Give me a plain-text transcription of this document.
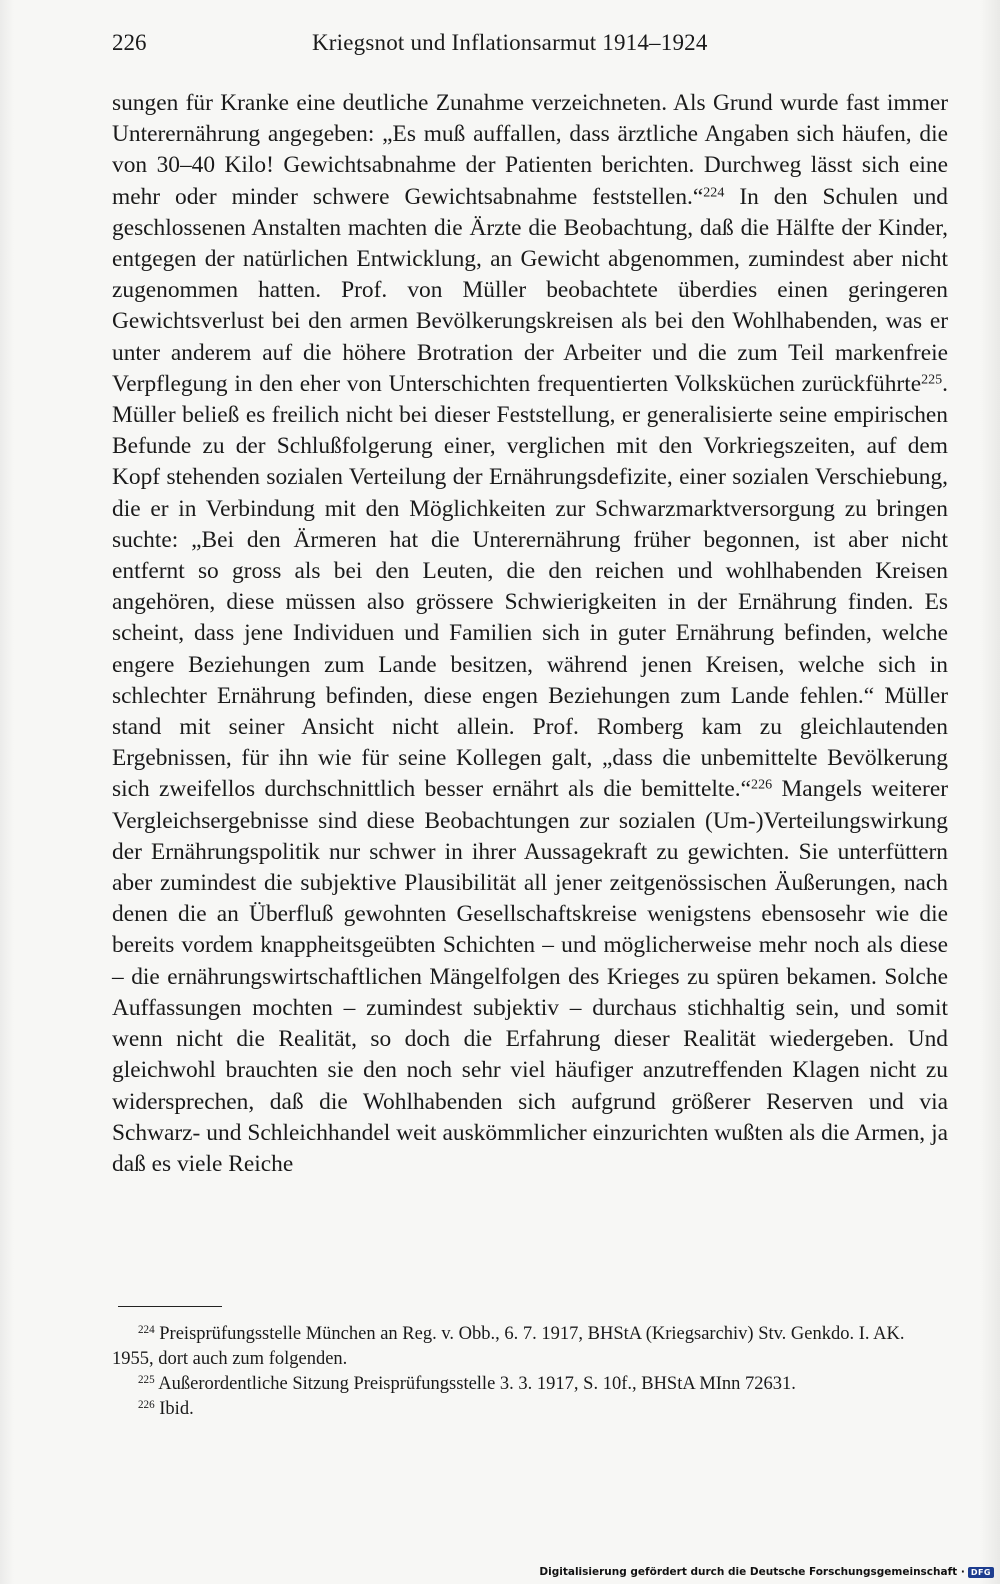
226	Kriegsnot und Inflationsarmut 1914–1924

sungen für Kranke eine deutliche Zunahme verzeichneten. Als Grund wurde fast immer Unterernährung angegeben: „Es muß auffallen, dass ärztliche Angaben sich häufen, die von 30–40 Kilo! Gewichtsabnahme der Patienten berichten. Durchweg lässt sich eine mehr oder minder schwere Gewichtsabnahme feststellen.“$^{224}$ In den Schulen und geschlossenen Anstalten machten die Ärzte die Beobachtung, daß die Hälfte der Kinder, entgegen der natürlichen Entwicklung, an Gewicht abgenommen, zumindest aber nicht zugenommen hatten. Prof. von Müller beobachtete überdies einen geringeren Gewichtsverlust bei den armen Bevölkerungskreisen als bei den Wohlhabenden, was er unter anderem auf die höhere Brotration der Arbeiter und die zum Teil markenfreie Verpflegung in den eher von Unterschichten frequentierten Volksküchen zurückführte$^{225}$. Müller beließ es freilich nicht bei dieser Feststellung, er generalisierte seine empirischen Befunde zu der Schlußfolgerung einer, verglichen mit den Vorkriegszeiten, auf dem Kopf stehenden sozialen Verteilung der Ernährungsdefizite, einer sozialen Verschiebung, die er in Verbindung mit den Möglichkeiten zur Schwarzmarktversorgung zu bringen suchte: „Bei den Ärmeren hat die Unterernährung früher begonnen, ist aber nicht entfernt so gross als bei den Leuten, die den reichen und wohlhabenden Kreisen angehören, diese müssen also grössere Schwierigkeiten in der Ernährung finden. Es scheint, dass jene Individuen und Familien sich in guter Ernährung befinden, welche engere Beziehungen zum Lande besitzen, während jenen Kreisen, welche sich in schlechter Ernährung befinden, diese engen Beziehungen zum Lande fehlen.“ Müller stand mit seiner Ansicht nicht allein. Prof. Romberg kam zu gleichlautenden Ergebnissen, für ihn wie für seine Kollegen galt, „dass die unbemittelte Bevölkerung sich zweifellos durchschnittlich besser ernährt als die bemittelte.“$^{226}$ Mangels weiterer Vergleichsergebnisse sind diese Beobachtungen zur sozialen (Um-)Verteilungswirkung der Ernährungspolitik nur schwer in ihrer Aussagekraft zu gewichten. Sie unterfüttern aber zumindest die subjektive Plausibilität all jener zeitgenössischen Äußerungen, nach denen die an Überfluß gewohnten Gesellschaftskreise wenigstens ebensosehr wie die bereits vordem knappheitsgeübten Schichten – und möglicherweise mehr noch als diese – die ernährungswirtschaftlichen Mängelfolgen des Krieges zu spüren bekamen. Solche Auffassungen mochten – zumindest subjektiv – durchaus stichhaltig sein, und somit wenn nicht die Realität, so doch die Erfahrung dieser Realität wiedergeben. Und gleichwohl brauchten sie den noch sehr viel häufiger anzutreffenden Klagen nicht zu widersprechen, daß die Wohlhabenden sich aufgrund größerer Reserven und via Schwarz- und Schleichhandel weit auskömmlicher einzurichten wußten als die Armen, ja daß es viele Reiche

$^{224}$ Preisprüfungsstelle München an Reg. v. Obb., 6. 7. 1917, BHStA (Kriegsarchiv) Stv. Genkdo. I. AK. 1955, dort auch zum folgenden.

$^{225}$ Außerordentliche Sitzung Preisprüfungsstelle 3. 3. 1917, S. 10f., BHStA MInn 72631.

$^{226}$ Ibid.

Digitalisierung gefördert durch die Deutsche Forschungsgemeinschaft · DFG
